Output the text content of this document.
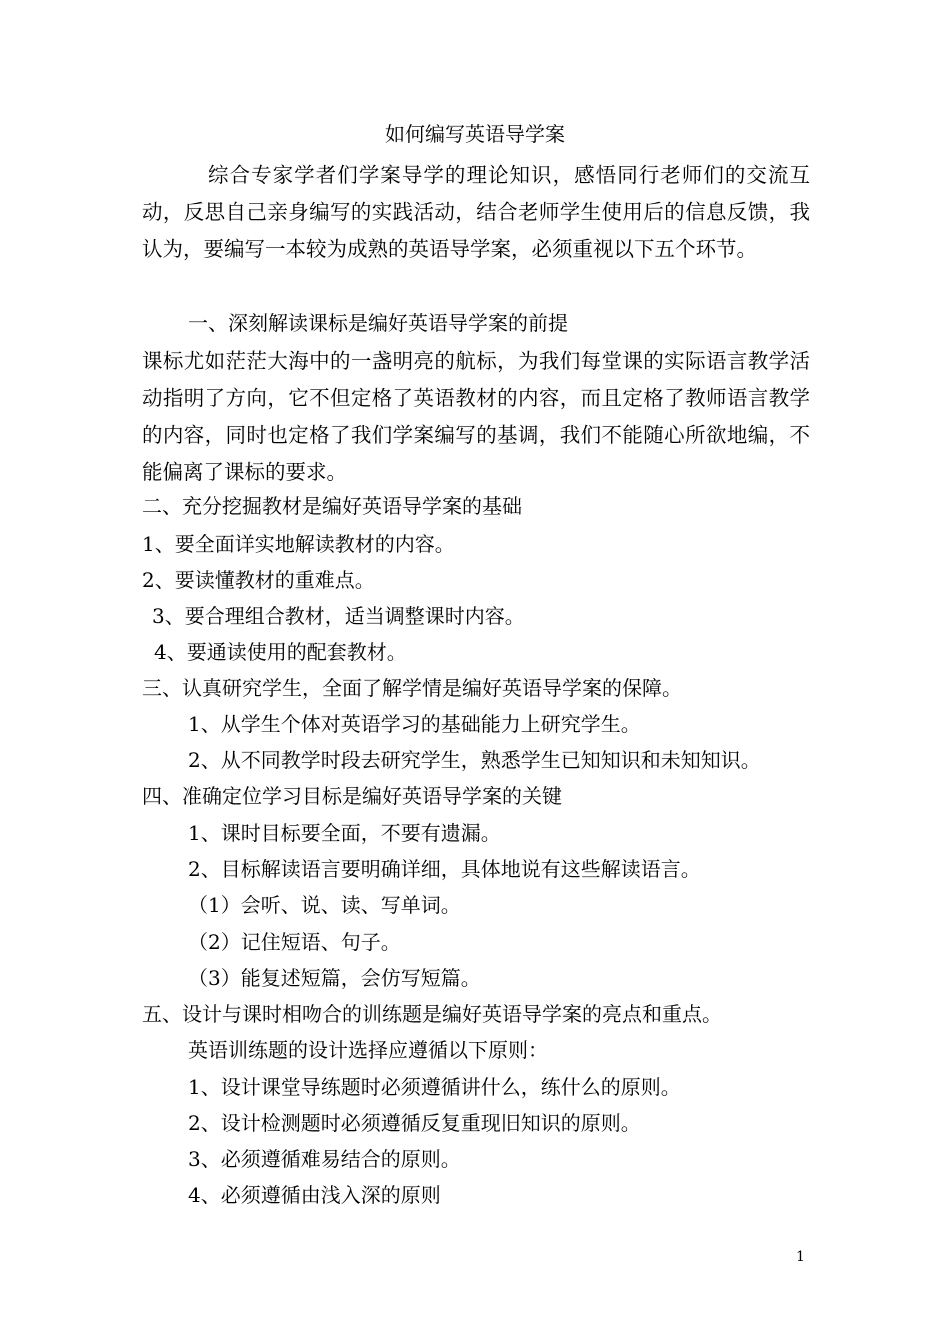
如何编写英语导学案

综合专家学者们学案导学的理论知识，感悟同行老师们的交流互动，反思自己亲身编写的实践活动，结合老师学生使用后的信息反馈，我认为，要编写一本较为成熟的英语导学案，必须重视以下五个环节。

一、深刻解读课标是编好英语导学案的前提

课标尤如茫茫大海中的一盏明亮的航标，为我们每堂课的实际语言教学活动指明了方向，它不但定格了英语教材的内容，而且定格了教师语言教学的内容，同时也定格了我们学案编写的基调，我们不能随心所欲地编，不能偏离了课标的要求。

二、充分挖掘教材是编好英语导学案的基础
1、要全面详实地解读教材的内容。
2、要读懂教材的重难点。
3、要合理组合教材，适当调整课时内容。
4、要通读使用的配套教材。
三、认真研究学生，全面了解学情是编好英语导学案的保障。
1、从学生个体对英语学习的基础能力上研究学生。
2、从不同教学时段去研究学生，熟悉学生已知知识和未知知识。
四、准确定位学习目标是编好英语导学案的关键
1、课时目标要全面，不要有遗漏。
2、目标解读语言要明确详细，具体地说有这些解读语言。
（1）会听、说、读、写单词。
（2）记住短语、句子。
（3）能复述短篇，会仿写短篇。
五、设计与课时相吻合的训练题是编好英语导学案的亮点和重点。
英语训练题的设计选择应遵循以下原则：
1、设计课堂导练题时必须遵循讲什么，练什么的原则。
2、设计检测题时必须遵循反复重现旧知识的原则。
3、必须遵循难易结合的原则。
4、必须遵循由浅入深的原则
1
